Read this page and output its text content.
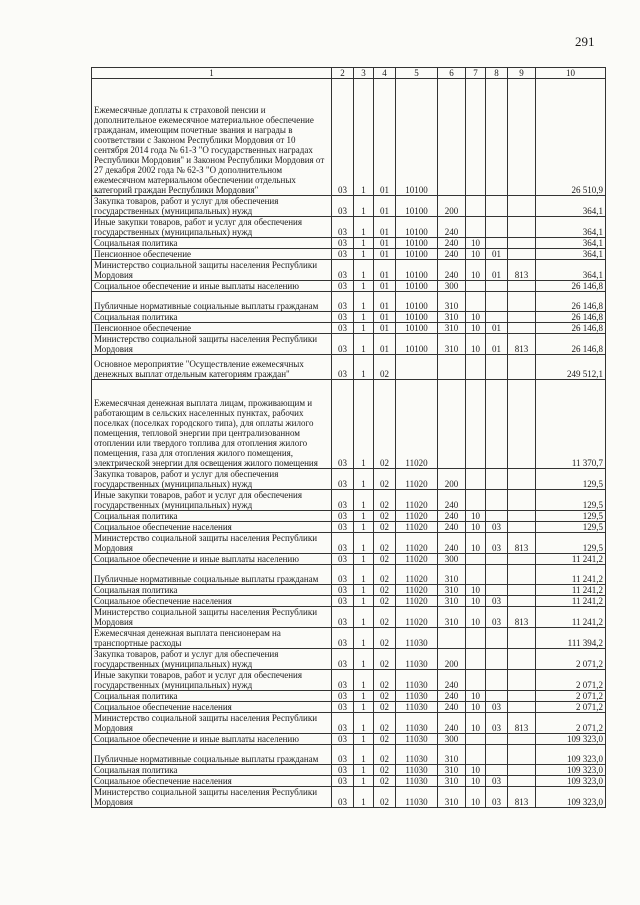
291
1	2	3	4	5	6	7	8	9	10
Ежемесячные доплаты к страховой пенсии и дополнительное ежемесячное материальное обеспечение гражданам, имеющим почетные звания и награды в соответствии с Законом Республики Мордовия от 10 сентября 2014 года № 61-З "О государственных наградах Республики Мордовия" и Законом Республики Мордовия от 27 декабря 2002 года № 62-З "О дополнительном ежемесячном материальном обеспечении отдельных категорий граждан Республики Мордовия"	03	1	01	10100					26 510,9
Закупка товаров, работ и услуг для обеспечения государственных (муниципальных) нужд	03	1	01	10100	200				364,1
Иные закупки товаров, работ и услуг для обеспечения государственных (муниципальных) нужд	03	1	01	10100	240				364,1
Социальная политика	03	1	01	10100	240	10			364,1
Пенсионное обеспечение	03	1	01	10100	240	10	01		364,1
Министерство социальной защиты населения Республики Мордовия	03	1	01	10100	240	10	01	813	364,1
Социальное обеспечение и иные выплаты населению	03	1	01	10100	300				26 146,8
Публичные нормативные социальные выплаты гражданам	03	1	01	10100	310				26 146,8
Социальная политика	03	1	01	10100	310	10			26 146,8
Пенсионное обеспечение	03	1	01	10100	310	10	01		26 146,8
Министерство социальной защиты населения Республики Мордовия	03	1	01	10100	310	10	01	813	26 146,8
Основное мероприятие "Осуществление ежемесячных денежных выплат отдельным категориям граждан"	03	1	02						249 512,1
Ежемесячная денежная выплата лицам, проживающим и работающим в сельских населенных пунктах, рабочих поселках (поселках городского типа), для оплаты жилого помещения, тепловой энергии при централизованном отоплении или твердого топлива для отопления жилого помещения, газа для отопления жилого помещения, электрической энергии для освещения жилого помещения	03	1	02	11020					11 370,7
Закупка товаров, работ и услуг для обеспечения государственных (муниципальных) нужд	03	1	02	11020	200				129,5
Иные закупки товаров, работ и услуг для обеспечения государственных (муниципальных) нужд	03	1	02	11020	240				129,5
Социальная политика	03	1	02	11020	240	10			129,5
Социальное обеспечение населения	03	1	02	11020	240	10	03		129,5
Министерство социальной защиты населения Республики Мордовия	03	1	02	11020	240	10	03	813	129,5
Социальное обеспечение и иные выплаты населению	03	1	02	11020	300				11 241,2
Публичные нормативные социальные выплаты гражданам	03	1	02	11020	310				11 241,2
Социальная политика	03	1	02	11020	310	10			11 241,2
Социальное обеспечение населения	03	1	02	11020	310	10	03		11 241,2
Министерство социальной защиты населения Республики Мордовия	03	1	02	11020	310	10	03	813	11 241,2
Ежемесячная денежная выплата пенсионерам на транспортные расходы	03	1	02	11030					111 394,2
Закупка товаров, работ и услуг для обеспечения государственных (муниципальных) нужд	03	1	02	11030	200				2 071,2
Иные закупки товаров, работ и услуг для обеспечения государственных (муниципальных) нужд	03	1	02	11030	240				2 071,2
Социальная политика	03	1	02	11030	240	10			2 071,2
Социальное обеспечение населения	03	1	02	11030	240	10	03		2 071,2
Министерство социальной защиты населения Республики Мордовия	03	1	02	11030	240	10	03	813	2 071,2
Социальное обеспечение и иные выплаты населению	03	1	02	11030	300				109 323,0
Публичные нормативные социальные выплаты гражданам	03	1	02	11030	310				109 323,0
Социальная политика	03	1	02	11030	310	10			109 323,0
Социальное обеспечение населения	03	1	02	11030	310	10	03		109 323,0
Министерство социальной защиты населения Республики Мордовия	03	1	02	11030	310	10	03	813	109 323,0
